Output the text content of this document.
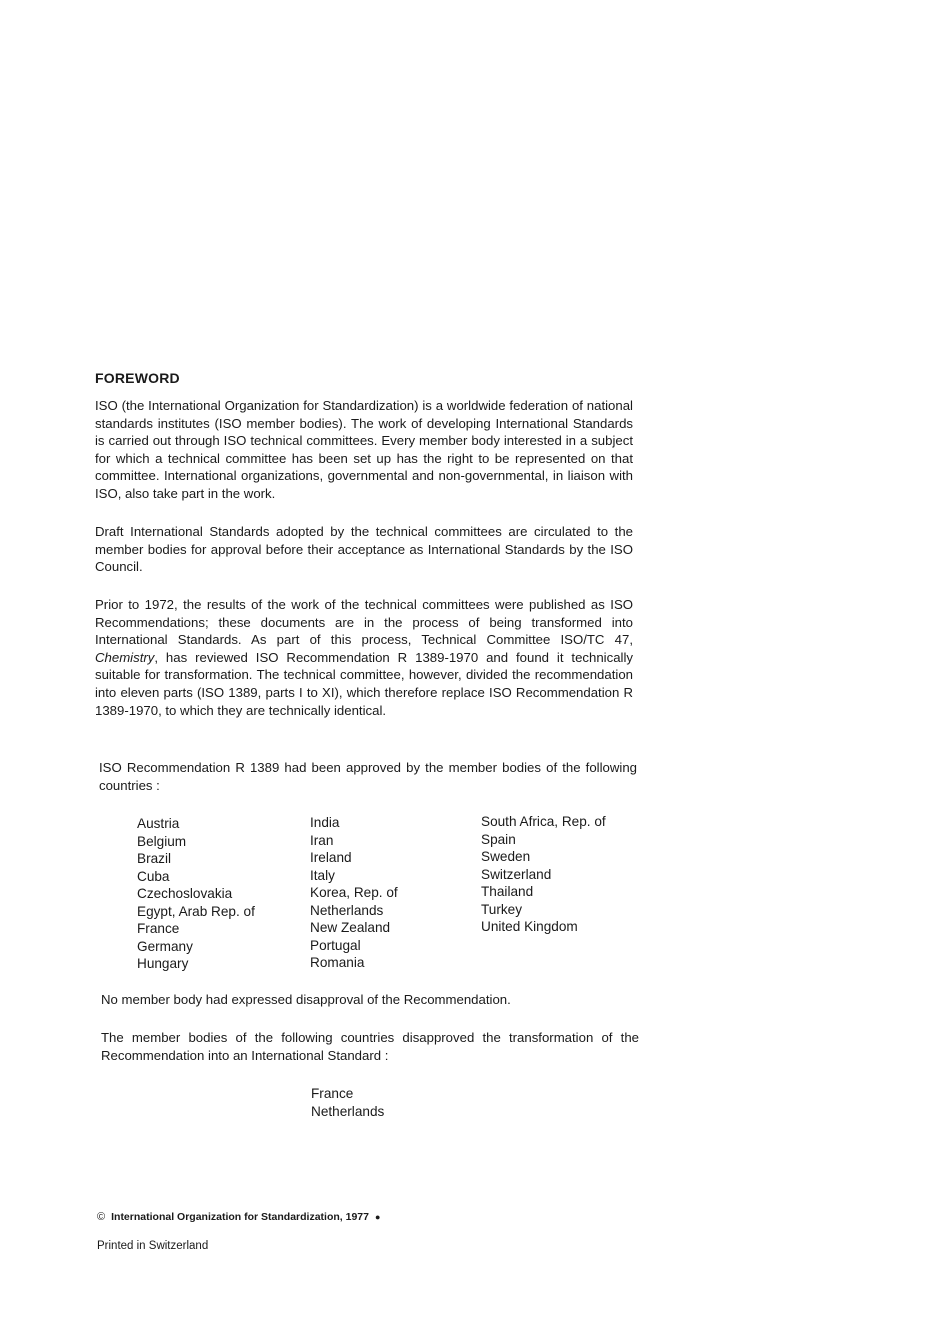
FOREWORD

ISO (the International Organization for Standardization) is a worldwide federation of national standards institutes (ISO member bodies). The work of developing International Standards is carried out through ISO technical committees. Every member body interested in a subject for which a technical committee has been set up has the right to be represented on that committee. International organizations, governmental and non-governmental, in liaison with ISO, also take part in the work.

Draft International Standards adopted by the technical committees are circulated to the member bodies for approval before their acceptance as International Standards by the ISO Council.

Prior to 1972, the results of the work of the technical committees were published as ISO Recommendations; these documents are in the process of being transformed into International Standards. As part of this process, Technical Committee ISO/TC 47, Chemistry, has reviewed ISO Recommendation R 1389-1970 and found it technically suitable for transformation. The technical committee, however, divided the recommendation into eleven parts (ISO 1389, parts I to XI), which therefore replace ISO Recommendation R 1389-1970, to which they are technically identical.

ISO Recommendation R 1389 had been approved by the member bodies of the following countries :

Austria
Belgium
Brazil
Cuba
Czechoslovakia
Egypt, Arab Rep. of
France
Germany
Hungary
India
Iran
Ireland
Italy
Korea, Rep. of
Netherlands
New Zealand
Portugal
Romania
South Africa, Rep. of
Spain
Sweden
Switzerland
Thailand
Turkey
United Kingdom

No member body had expressed disapproval of the Recommendation.

The member bodies of the following countries disapproved the transformation of the Recommendation into an International Standard :

France
Netherlands
© International Organization for Standardization, 1977 ●
Printed in Switzerland
